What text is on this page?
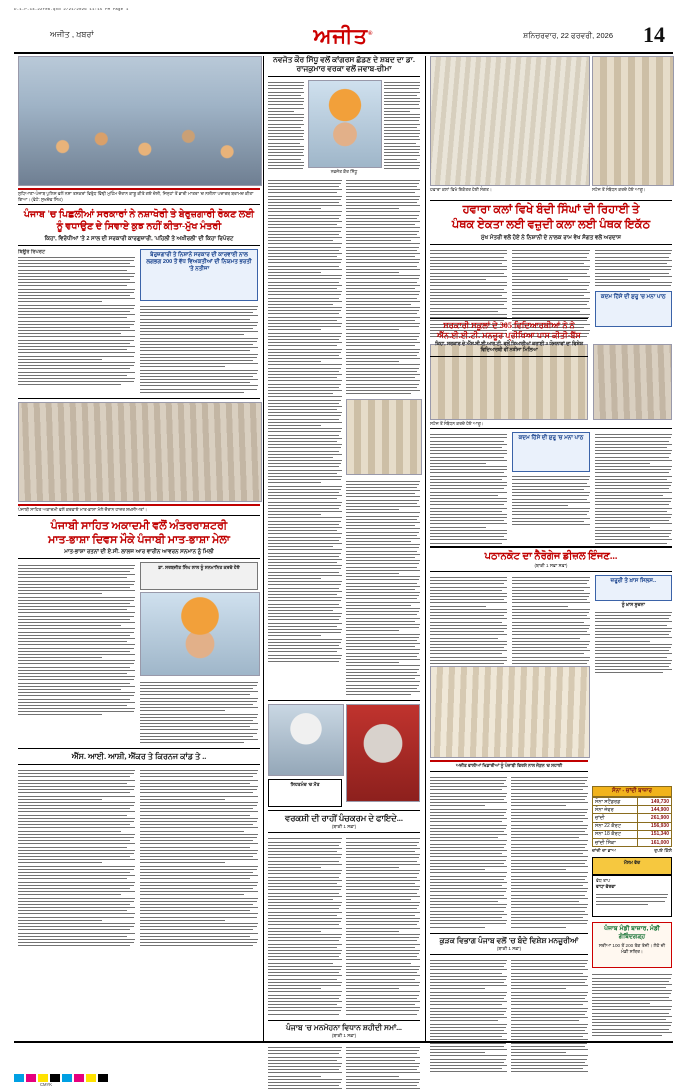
D-1-P-14-22feb.qxd 2/21/2026 11:15 PM Page 1
ਅਜੀਤ , ਖ਼ਬਰਾਂ	ਅਜੀਤ®	ਸ਼ਨਿਚਰਵਾਰ, 22 ਫਰਵਰੀ, 2026 14
ਲੁਧਿਆਣਾ-ਪੰਜਾਬ ਪੁਲਿਸ ਵਲੋਂ ਨਸ਼ਾ ਤਸਕਰਾਂ ਵਿਰੁੱਧ ਵਿੱਢੀ ਮੁਹਿੰਮ ਦੌਰਾਨ ਕਾਬੂ ਕੀਤੇ ਗਏ ਦੋਸ਼ੀ, ਜਿਨ੍ਹਾਂ ਤੋਂ ਭਾਰੀ ਮਾਤਰਾ 'ਚ ਨਸ਼ੀਲਾ ਪਦਾਰਥ ਬਰਾਮਦ ਕੀਤਾ ਗਿਆ। (ਫੋਟੋ: ਸੁਖਦੇਵ ਸਿੰਘ)
ਪੰਜਾਬ 'ਚ ਪਿਛਲੀਆਂ ਸਰਕਾਰਾਂ ਨੇ ਨਸ਼ਾਖੋਰੀ ਤੇ ਬੇਰੁਜ਼ਗਾਰੀ ਰੋਕਣ ਲਈ
ਨੂੰ ਵਧਾਉਣ ਦੇ ਸਿਵਾਏ ਕੁਝ ਨਹੀਂ ਕੀਤਾ-ਮੁੱਖ ਮੰਤਰੀ
ਕਿਹਾ, ਵਿਰੋਧੀਆਂ 'ਤੇ 2 ਸਾਲ ਦੀ ਸਰਕਾਰੀ ਕਾਰਗੁਜ਼ਾਰੀ, 'ਪਹਿਲੀ ਤੇ ਅਖ਼ੀਰਲੀ' ਦੀ ਕਿਹਾ ਰਿਪੋਰਟ
ਬਿਊਰੋ ਰਿਪੋਰਟ	ਬੇਰੁਜ਼ਗਾਰੀ ਤੇ ਨਿਸ਼ਾਨੇ ਸਰਕਾਰ ਦੀ ਕਾਰਵਾਈ ਨਾਲ ਲਗਭਗ 200 ਤੋਂ ਵੱਧ ਵਿਅਕਤੀਆਂ ਦੀ ਨਿਯਮਤ ਭਰਤੀ 'ਤੇ ਨਤੀਜਾ
ਪੰਜਾਬੀ ਸਾਹਿਤ ਅਕਾਦਮੀ ਵਲੋਂ ਕਰਵਾਏ ਮਾਤ-ਭਾਸ਼ਾ ਮੇਲੇ ਦੌਰਾਨ ਹਾਜ਼ਰ ਸ਼ਖ਼ਸੀਅਤਾਂ।
ਪੰਜਾਬੀ ਸਾਹਿਤ ਅਕਾਦਮੀ ਵਲੋਂ ਅੰਤਰਰਾਸ਼ਟਰੀ
ਮਾਤ-ਭਾਸ਼ਾ ਦਿਵਸ ਮੌਕੇ ਪੰਜਾਬੀ ਮਾਤ-ਭਾਸ਼ਾ ਮੇਲਾ
ਮਾਤ-ਭਾਸ਼ਾ ਰਤਨਾਂ ਦੀ ਏ.ਸੀ. ਲਾਲਜ ਆਰ ਵਾਰੀਨ ਆਵਰਨ ਸਨਮਾਨ ਨੂੰ ਮਿਲੀ
ਡਾ. ਸਰਬਜੀਤ ਸਿੰਘ ਲਾਲ ਨੂੰ ਸਨਮਾਨਿਤ ਕਰਦੇ ਹੋਏ
ਐੱਸ. ਆਈ. ਆਸ਼ੀ, ਐਂਕਰ ਤੇ ਕਿਰਨਜ ਕਾਂਡ ਤੇ ..
ਨਵਜੋਤ ਕੌਰ ਸਿੱਧੂ ਵਲੋਂ ਕਾਂਗਰਸ ਛੱਡਣ ਦੇ ਸ਼ਬਦ ਦਾ ਡਾ. ਰਾਜਕੁਮਾਰ ਵਰਕਾ ਵਲੋਂ ਜਵਾਬ-ਚੀਮਾ
ਨਵਜੋਤ ਕੌਰ ਸਿੱਧੂ
ਸਿਹਤਮੰਦ 'ਚ ਮੌਤ
ਵਰਕਸ਼ੀ ਦੀ ਰਾਹੀਂ ਪੰਚਕਰਮ ਦੇ ਫਾਇਦੇ...
(ਬਾਕੀ 1 ਸਫ਼ਾ)
ਪੰਜਾਬ 'ਚ ਮਨਮੋਹਨਾ ਵਿਧਾਨ ਸ਼ਹੀਦੀ ਸਮਾਂ...
(ਬਾਕੀ 1 ਸਫ਼ਾ)
ਹਵਾਰਾ ਕਲਾਂ ਵਿਖੇ ਇਕੱਤਰ ਹੋਈ ਸੰਗਤ।	ਸਟੇਜ ਤੋਂ ਸੰਬੋਧਨ ਕਰਦੇ ਹੋਏ ਆਗੂ।
ਹਵਾਰਾ ਕਲਾਂ ਵਿਖੇ ਬੰਦੀ ਸਿੰਘਾਂ ਦੀ ਰਿਹਾਈ ਤੇ
ਪੰਥਕ ਏਕਤਾ ਲਈ ਵਜ਼ੁਦੀ ਕਲਾ ਲਈ ਪੰਥਕ ਇਕੱਠ
ਮੁੱਖ ਮੰਤਰੀ ਵਲੋਂ ਹੋਏ ਨੇ ਨਿਸ਼ਾਨੀ ਦੇ ਨਾਲਕ ਰਾਮ ਵੇਖ ਸੰਗਤ ਵਲੋਂ ਅਰਦਾਸ
ਕਦਮ ਹਿੱਸੇ ਦੀ ਸ਼ੁਰੂ 'ਚ ਮਨਾ ਪਾਠ
ਸਟੇਜ ਤੋਂ ਸੰਬੋਧਨ ਕਰਦੇ ਹੋਏ ਆਗੂ।
ਕਦਮ ਹਿੱਸੇ ਦੀ ਸ਼ੁਰੂ 'ਚ ਮਨਾ ਪਾਠ
ਸਰਕਾਰੀ ਸਕੂਲਾਂ ਦੇ 305 ਵਿਦਿਆਰਥੀਆਂ ਨੇ ਨੇ ਐੱਨ.ਈ.ਈ.ਟੀ. ਮਨਜ਼ੂਰ ਪ੍ਰੀਖਿਆ ਪਾਸ ਕੀਤੀ-ਬੈਂਸ
ਕਿਹਾ, ਸਰਕਾਰ ਦੇ ਐੱਸ.ਸੀ.ਈ.ਆਰ.ਟੀ. ਵਲੋਂ ਤਿਆਰੀਆਂ ਕਰਾਈ 3 ਯੋਜਨਾਵਾਂ ਦਾ ਵਿਸ਼ੇਸ਼ ਵਿਦਿਆਰਥੀ ਵੀਂ ਨਤੀਜਾ ਮਿਲਿਆ
ਪਠਾਨਕੋਟ ਦਾ ਨੈਰੋਗੇਜ ਡੀਜ਼ਲ ਇੰਜਣ...
(ਬਾਕੀ 1 ਸਫ਼ਾ ਸਫ਼ਾ)
ਜ਼ਰੂਰੀ ਤੇ ਖ਼ਾਸ ਸਿਲਸ..
ਨੂੰ ਖ਼ਾਸ ਸੂਚਨਾ
ਅਜੀਤ ਵਾਲੀਆਂ ਖਿਡਾਰੀਆਂ ਨੂੰ ਪੰਜਾਬੀ ਵਿਰਸੇ ਨਾਲ ਜੋੜਨ 'ਚ ਸਹਾਈ
ਕੁੜਕ ਵਿਭਾਗ ਪੰਜਾਬ ਵਲੋਂ 'ਚ ਬੰਦੇ ਵਿਸ਼ੇਸ਼ ਮਨਜ਼ੂਰੀਆਂ
(ਬਾਕੀ 1 ਸਫ਼ਾ)
ਸੋਨਾ - ਚਾਂਦੀ ਬਾਜ਼ਾਰ
ਸੋਨਾ ਸਟੈਂਡਰਡ	149,730
ਸੋਨਾ ਜੇਵਰ	144,900
ਚਾਂਦੀ	261,900
ਸੋਨਾ 22 ਕੈਰਟ	156,930
ਸੋਨਾ 18 ਕੈਰਟ	151,340
ਚਾਂਦੀ ਸਿੱਕਾ	161,000
ਚਾਂਦੀ ਦਾ ਭਾਅ	ਰੁਪਏ ਕਿੱਲੋ
ਮੌਸਮ ਵੇਦ
ਵੱਧ ਤਾਪ
ਵਾਧਾ ਵੇਰਵਾ
ਪੰਜਾਬ ਮੰਡੀ ਬਾਜ਼ਾਰ, ਮੰਡੀ ਗੋਬਿੰਦਗੜ੍ਹ
ਸਰੀਆ 100 ਤੋਂ 200 ਤੱਕ ਤੇਜ਼ੀ। ਲੋਹੇ ਦੀ ਮੰਡੀ ਸਥਿਰ।
CMYK
